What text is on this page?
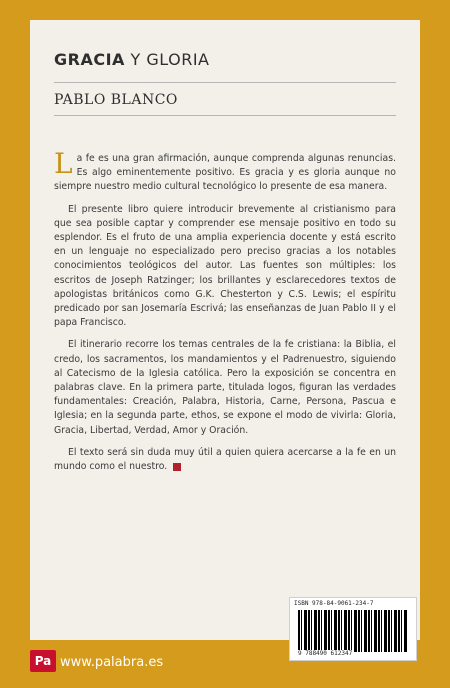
GRACIA Y GLORIA
PABLO BLANCO

La fe es una gran afirmación, aunque comprenda algunas renuncias. Es algo eminentemente positivo. Es gracia y es gloria aunque no siempre nuestro medio cultural tecnológico lo presente de esa manera.

El presente libro quiere introducir brevemente al cristianismo para que sea posible captar y comprender ese mensaje positivo en todo su esplendor. Es el fruto de una amplia experiencia docente y está escrito en un lenguaje no especializado pero preciso gracias a los notables conocimientos teológicos del autor. Las fuentes son múltiples: los escritos de Joseph Ratzinger; los brillantes y esclarecedores textos de apologistas británicos como G.K. Chesterton y C.S. Lewis; el espíritu predicado por san Josemaría Escrivá; las enseñanzas de Juan Pablo II y el papa Francisco.

El itinerario recorre los temas centrales de la fe cristiana: la Biblia, el credo, los sacramentos, los mandamientos y el Padrenuestro, siguiendo al Catecismo de la Iglesia católica. Pero la exposición se concentra en palabras clave. En la primera parte, titulada logos, figuran las verdades fundamentales: Creación, Palabra, Historia, Carne, Persona, Pascua e Iglesia; en la segunda parte, ethos, se expone el modo de vivirla: Gloria, Gracia, Libertad, Verdad, Amor y Oración.

El texto será sin duda muy útil a quien quiera acercarse a la fe en un mundo como el nuestro.

ISBN 978-84-9061-234-7
9 788490 612347
Pa www.palabra.es
